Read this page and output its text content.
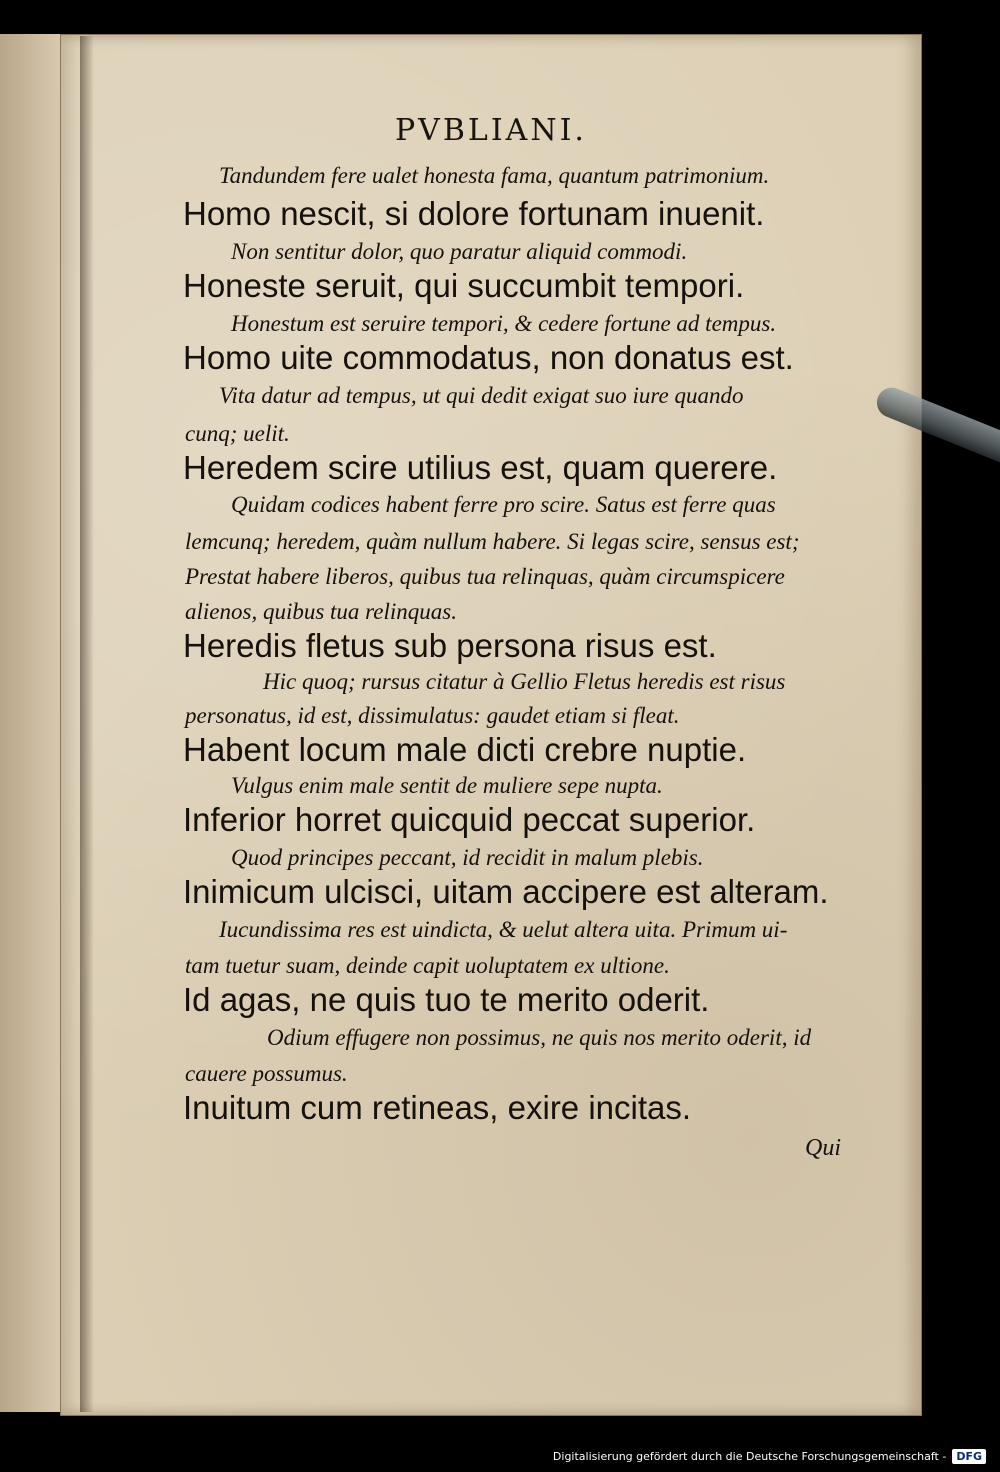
PVBLIANI.
Tandundem fere ualet honesta fama, quantum patrimonium.
Homo nescit, si dolore fortunam inuenit.
Non sentitur dolor, quo paratur aliquid commodi.
Honeste seruit, qui succumbit tempori.
Honestum est seruire tempori, & cedere fortune ad tempus.
Homo uite commodatus, non donatus est.
Vita datur ad tempus, ut qui dedit exigat suo iure quando
cunq; uelit.
Heredem scire utilius est, quam querere.
Quidam codices habent ferre pro scire. Satus est ferre quas
lemcunq; heredem, quàm nullum habere. Si legas scire, sensus est;
Prestat habere liberos, quibus tua relinquas, quàm circumspicere
alienos, quibus tua relinquas.
Heredis fletus sub persona risus est.
Hic quoq; rursus citatur à Gellio Fletus heredis est risus
personatus, id est, dissimulatus: gaudet etiam si fleat.
Habent locum male dicti crebre nuptie.
Vulgus enim male sentit de muliere sepe nupta.
Inferior horret quicquid peccat superior.
Quod principes peccant, id recidit in malum plebis.
Inimicum ulcisci, uitam accipere est alteram.
Iucundissima res est uindicta, & uelut altera uita. Primum ui-
tam tuetur suam, deinde capit uoluptatem ex ultione.
Id agas, ne quis tuo te merito oderit.
Odium effugere non possimus, ne quis nos merito oderit, id
cauere possumus.
Inuitum cum retineas, exire incitas.
Qui
Digitalisierung gefördert durch die Deutsche Forschungsgemeinschaft - DFG
